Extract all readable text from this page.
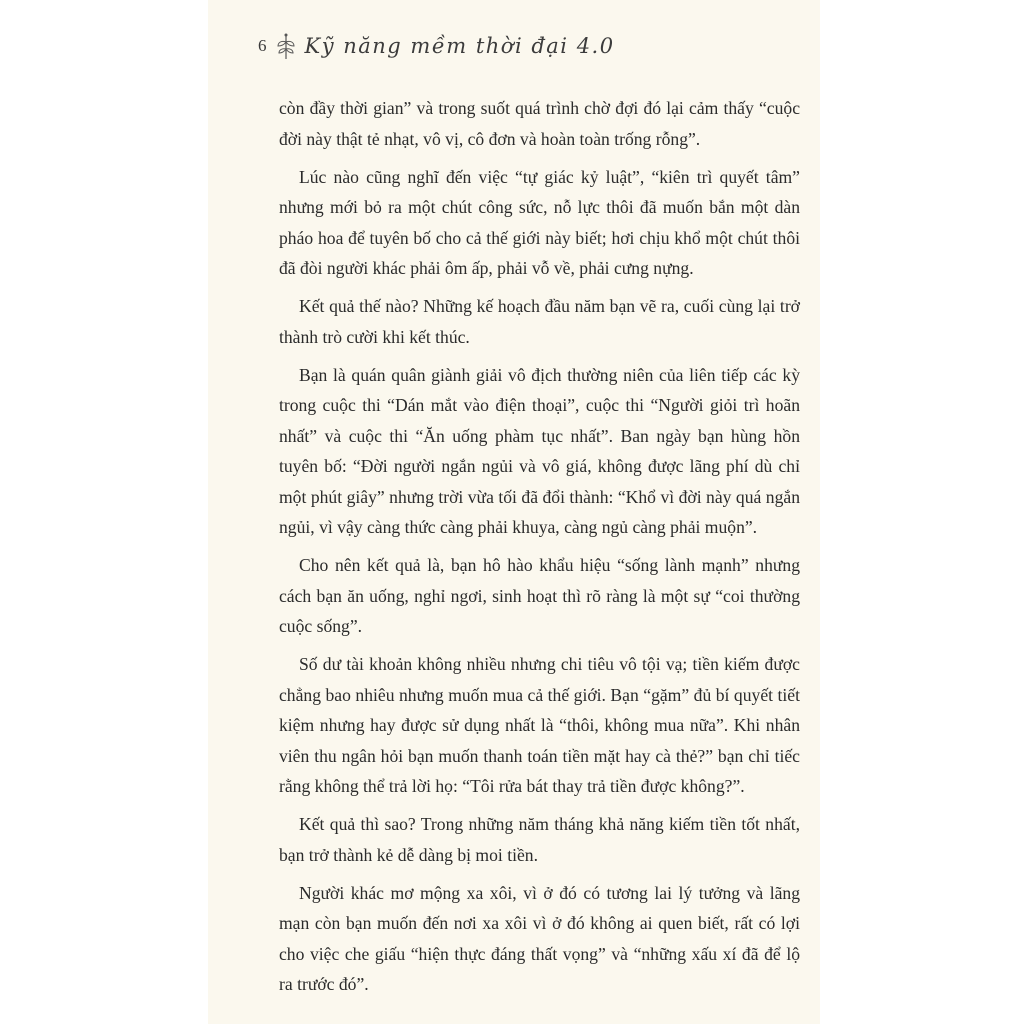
6 Kỹ năng mềm thời đại 4.0

còn đầy thời gian” và trong suốt quá trình chờ đợi đó lại cảm thấy “cuộc đời này thật tẻ nhạt, vô vị, cô đơn và hoàn toàn trống rỗng”.

Lúc nào cũng nghĩ đến việc “tự giác kỷ luật”, “kiên trì quyết tâm” nhưng mới bỏ ra một chút công sức, nỗ lực thôi đã muốn bắn một dàn pháo hoa để tuyên bố cho cả thế giới này biết; hơi chịu khổ một chút thôi đã đòi người khác phải ôm ấp, phải vỗ về, phải cưng nựng.

Kết quả thế nào? Những kế hoạch đầu năm bạn vẽ ra, cuối cùng lại trở thành trò cười khi kết thúc.

Bạn là quán quân giành giải vô địch thường niên của liên tiếp các kỳ trong cuộc thi “Dán mắt vào điện thoại”, cuộc thi “Người giỏi trì hoãn nhất” và cuộc thi “Ăn uống phàm tục nhất”. Ban ngày bạn hùng hồn tuyên bố: “Đời người ngắn ngủi và vô giá, không được lãng phí dù chỉ một phút giây” nhưng trời vừa tối đã đổi thành: “Khổ vì đời này quá ngắn ngủi, vì vậy càng thức càng phải khuya, càng ngủ càng phải muộn”.

Cho nên kết quả là, bạn hô hào khẩu hiệu “sống lành mạnh” nhưng cách bạn ăn uống, nghỉ ngơi, sinh hoạt thì rõ ràng là một sự “coi thường cuộc sống”.

Số dư tài khoản không nhiều nhưng chi tiêu vô tội vạ; tiền kiếm được chẳng bao nhiêu nhưng muốn mua cả thế giới. Bạn “gặm” đủ bí quyết tiết kiệm nhưng hay được sử dụng nhất là “thôi, không mua nữa”. Khi nhân viên thu ngân hỏi bạn muốn thanh toán tiền mặt hay cà thẻ?” bạn chỉ tiếc rằng không thể trả lời họ: “Tôi rửa bát thay trả tiền được không?”.

Kết quả thì sao? Trong những năm tháng khả năng kiếm tiền tốt nhất, bạn trở thành kẻ dễ dàng bị moi tiền.

Người khác mơ mộng xa xôi, vì ở đó có tương lai lý tưởng và lãng mạn còn bạn muốn đến nơi xa xôi vì ở đó không ai quen biết, rất có lợi cho việc che giấu “hiện thực đáng thất vọng” và “những xấu xí đã để lộ ra trước đó”.
